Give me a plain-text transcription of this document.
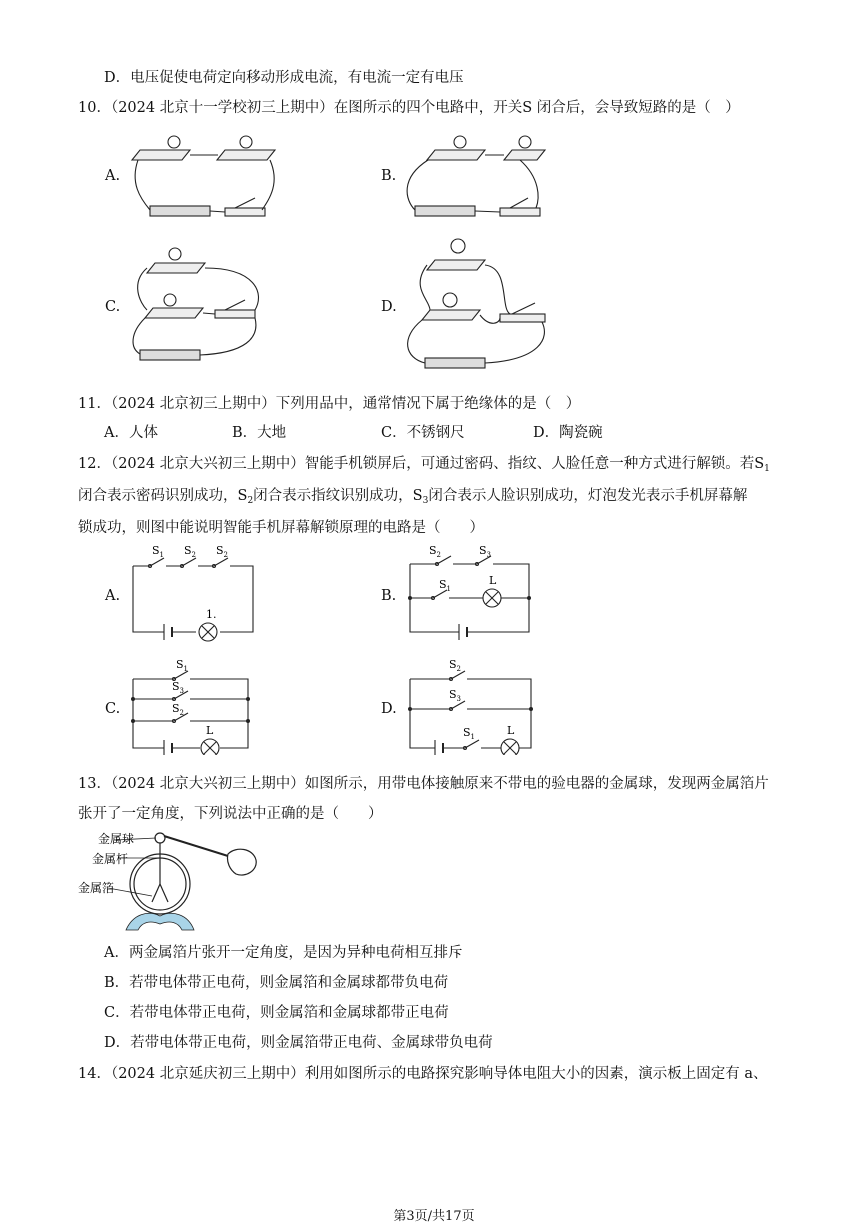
D．电压促使电荷定向移动形成电流，有电流一定有电压
10．（2024 北京十一学校初三上期中）在图所示的四个电路中，开关S 闭合后，会导致短路的是（　）
A.	B.
C.	D.
11．（2024 北京初三上期中）下列用品中，通常情况下属于绝缘体的是（　）
A．人体	B．大地	C．不锈钢尺	D．陶瓷碗
12．（2024 北京大兴初三上期中）智能手机锁屏后，可通过密码、指纹、人脸任意一种方式进行解锁。若$S_1$
闭合表示密码识别成功，$S_2$闭合表示指纹识别成功，$S_3$闭合表示人脸识别成功，灯泡发光表示手机屏幕解
锁成功，则图中能说明智能手机屏幕解锁原理的电路是（　　）
A.	B.
C.	D.
$S_1$ $S_2$ $S_2$
1.
$S_2$	$S_3$
$S_1$
L
$S_1$
$S_3$
$S_2$
L
$S_2$
$S_3$
$S_1$	L
13．（2024 北京大兴初三上期中）如图所示，用带电体接触原来不带电的验电器的金属球，发现两金属箔片
张开了一定角度，下列说法中正确的是（　　）
金属球
金属杆
金属箔
A．两金属箔片张开一定角度，是因为异种电荷相互排斥
B．若带电体带正电荷，则金属箔和金属球都带负电荷
C．若带电体带正电荷，则金属箔和金属球都带正电荷
D．若带电体带正电荷，则金属箔带正电荷、金属球带负电荷
14．（2024 北京延庆初三上期中）利用如图所示的电路探究影响导体电阻大小的因素，演示板上固定有 a、
第3页/共17页
